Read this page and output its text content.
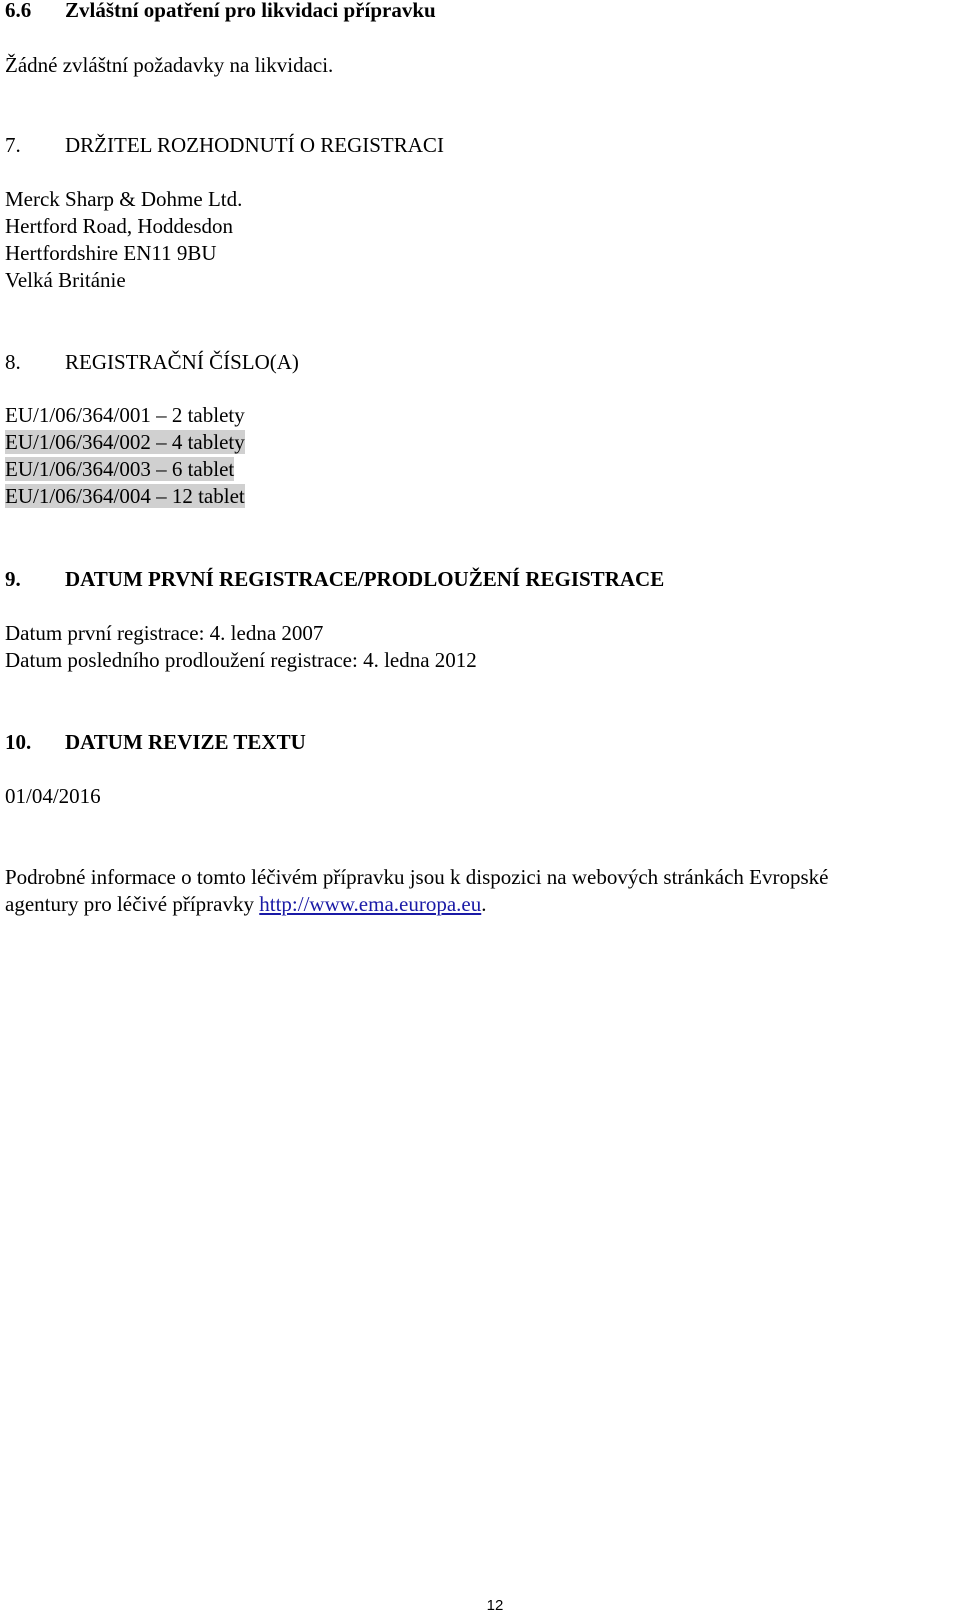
6.6 Zvláštní opatření pro likvidaci přípravku
Žádné zvláštní požadavky na likvidaci.
7. DRŽITEL ROZHODNUTÍ O REGISTRACI
Merck Sharp & Dohme Ltd.
Hertford Road, Hoddesdon
Hertfordshire EN11 9BU
Velká Británie
8. REGISTRAČNÍ ČÍSLO(A)
EU/1/06/364/001 – 2 tablety
EU/1/06/364/002 – 4 tablety
EU/1/06/364/003 – 6 tablet
EU/1/06/364/004 – 12 tablet
9. DATUM PRVNÍ REGISTRACE/PRODLOUŽENÍ REGISTRACE
Datum první registrace: 4. ledna 2007
Datum posledního prodloužení registrace: 4. ledna 2012
10. DATUM REVIZE TEXTU
01/04/2016
Podrobné informace o tomto léčivém přípravku jsou k dispozici na webových stránkách Evropské
agentury pro léčivé přípravky http://www.ema.europa.eu.
12
